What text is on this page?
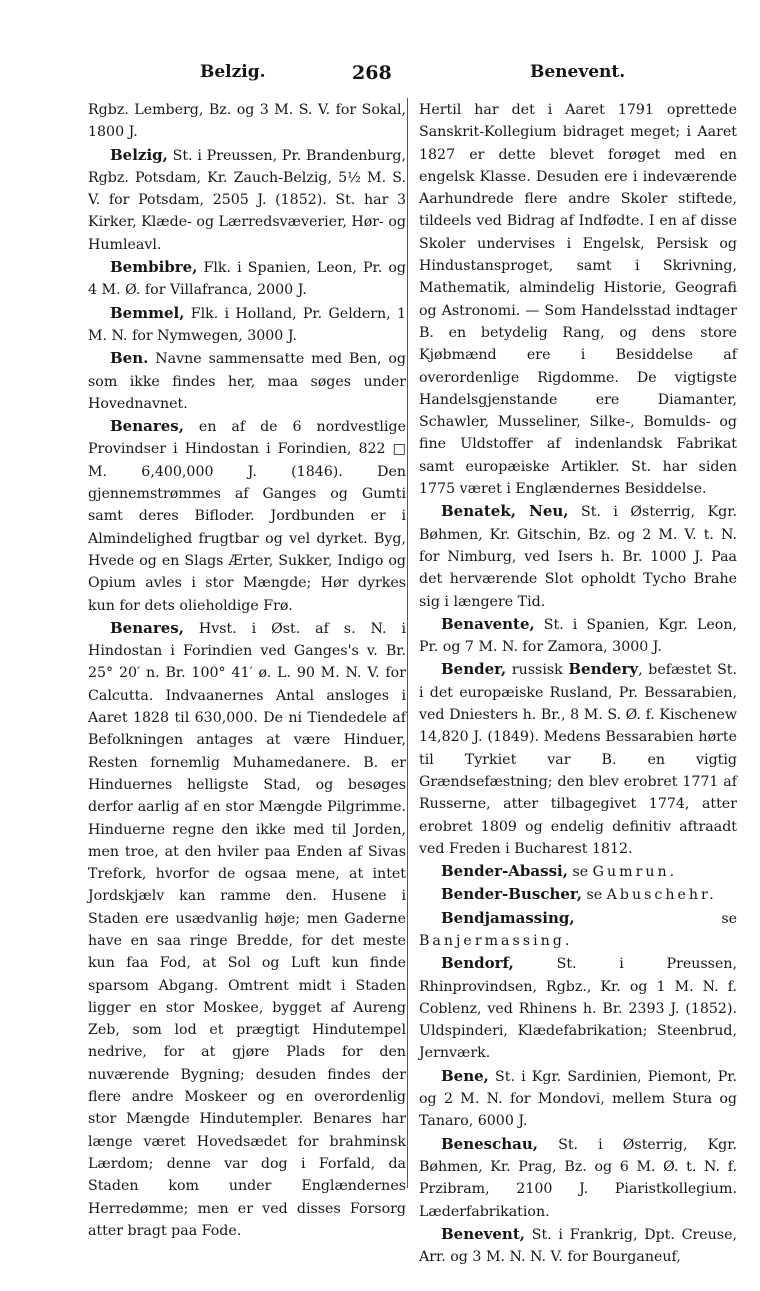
Belzig.	268	Benevent.

Rgbz. Lemberg, Bz. og 3 M. S. V. for Sokal, 1800 J.

Belzig, St. i Preussen, Pr. Brandenburg, Rgbz. Potsdam, Kr. Zauch-Belzig, 5½ M. S. V. for Potsdam, 2505 J. (1852). St. har 3 Kirker, Klæde- og Lærredsvæverier, Hør- og Humleavl.

Bembibre, Flk. i Spanien, Leon, Pr. og 4 M. Ø. for Villafranca, 2000 J.

Bemmel, Flk. i Holland, Pr. Geldern, 1 M. N. for Nymwegen, 3000 J.

Ben. Navne sammensatte med Ben, og som ikke findes her, maa søges under Hovednavnet.

Benares, en af de 6 nordvestlige Provindser i Hindostan i Forindien, 822 □ M. 6,400,000 J. (1846). Den gjennemstrømmes af Ganges og Gumti samt deres Bifloder. Jordbunden er i Almindelighed frugtbar og vel dyrket. Byg, Hvede og en Slags Ærter, Sukker, Indigo og Opium avles i stor Mængde; Hør dyrkes kun for dets olieholdige Frø.

Benares, Hvst. i Øst. af s. N. i Hindostan i Forindien ved Ganges's v. Br. 25° 20′ n. Br. 100° 41′ ø. L. 90 M. N. V. for Calcutta. Indvaanernes Antal ansloges i Aaret 1828 til 630,000. De ni Tiendedele af Befolkningen antages at være Hinduer, Resten fornemlig Muhamedanere. B. er Hinduernes helligste Stad, og besøges derfor aarlig af en stor Mængde Pilgrimme. Hinduerne regne den ikke med til Jorden, men troe, at den hviler paa Enden af Sivas Trefork, hvorfor de ogsaa mene, at intet Jordskjælv kan ramme den. Husene i Staden ere usædvanlig høje; men Gaderne have en saa ringe Bredde, for det meste kun faa Fod, at Sol og Luft kun finde sparsom Abgang. Omtrent midt i Staden ligger en stor Moskee, bygget af Aureng Zeb, som lod et prægtigt Hindutempel nedrive, for at gjøre Plads for den nuværende Bygning; desuden findes der flere andre Moskeer og en overordenlig stor Mængde Hindutempler. Benares har længe været Hovedsædet for brahminsk Lærdom; denne var dog i Forfald, da Staden kom under Englændernes Herredømme; men er ved disses Forsorg atter bragt paa Fode.

Hertil har det i Aaret 1791 oprettede Sanskrit-Kollegium bidraget meget; i Aaret 1827 er dette blevet forøget med en engelsk Klasse. Desuden ere i indeværende Aarhundrede flere andre Skoler stiftede, tildeels ved Bidrag af Indfødte. I en af disse Skoler undervises i Engelsk, Persisk og Hindustansproget, samt i Skrivning, Mathematik, almindelig Historie, Geografi og Astronomi. — Som Handelsstad indtager B. en betydelig Rang, og dens store Kjøbmænd ere i Besiddelse af overordenlige Rigdomme. De vigtigste Handelsgjenstande ere Diamanter, Schawler, Musseliner, Silke-, Bomulds- og fine Uldstoffer af indenlandsk Fabrikat samt europæiske Artikler. St. har siden 1775 været i Englændernes Besiddelse.

Benatek, Neu, St. i Østerrig, Kgr. Bøhmen, Kr. Gitschin, Bz. og 2 M. V. t. N. for Nimburg, ved Isers h. Br. 1000 J. Paa det herværende Slot opholdt Tycho Brahe sig i længere Tid.

Benavente, St. i Spanien, Kgr. Leon, Pr. og 7 M. N. for Zamora, 3000 J.

Bender, russisk Bendery, befæstet St. i det europæiske Rusland, Pr. Bessarabien, ved Dniesters h. Br., 8 M. S. Ø. f. Kischenew 14,820 J. (1849). Medens Bessarabien hørte til Tyrkiet var B. en vigtig Grændsefæstning; den blev erobret 1771 af Russerne, atter tilbagegivet 1774, atter erobret 1809 og endelig definitiv aftraadt ved Freden i Bucharest 1812.

Bender-Abassi, se Gumrun.

Bender-Buscher, se Abuschehr.

Bendjamassing, se Banjermassing.

Bendorf, St. i Preussen, Rhinprovindsen, Rgbz., Kr. og 1 M. N. f. Coblenz, ved Rhinens h. Br. 2393 J. (1852). Uldspinderi, Klædefabrikation; Steenbrud, Jernværk.

Bene, St. i Kgr. Sardinien, Piemont, Pr. og 2 M. N. for Mondovi, mellem Stura og Tanaro, 6000 J.

Beneschau, St. i Østerrig, Kgr. Bøhmen, Kr. Prag, Bz. og 6 M. Ø. t. N. f. Przibram, 2100 J. Piaristkollegium. Læderfabrikation.

Benevent, St. i Frankrig, Dpt. Creuse, Arr. og 3 M. N. N. V. for Bourganeuf,
